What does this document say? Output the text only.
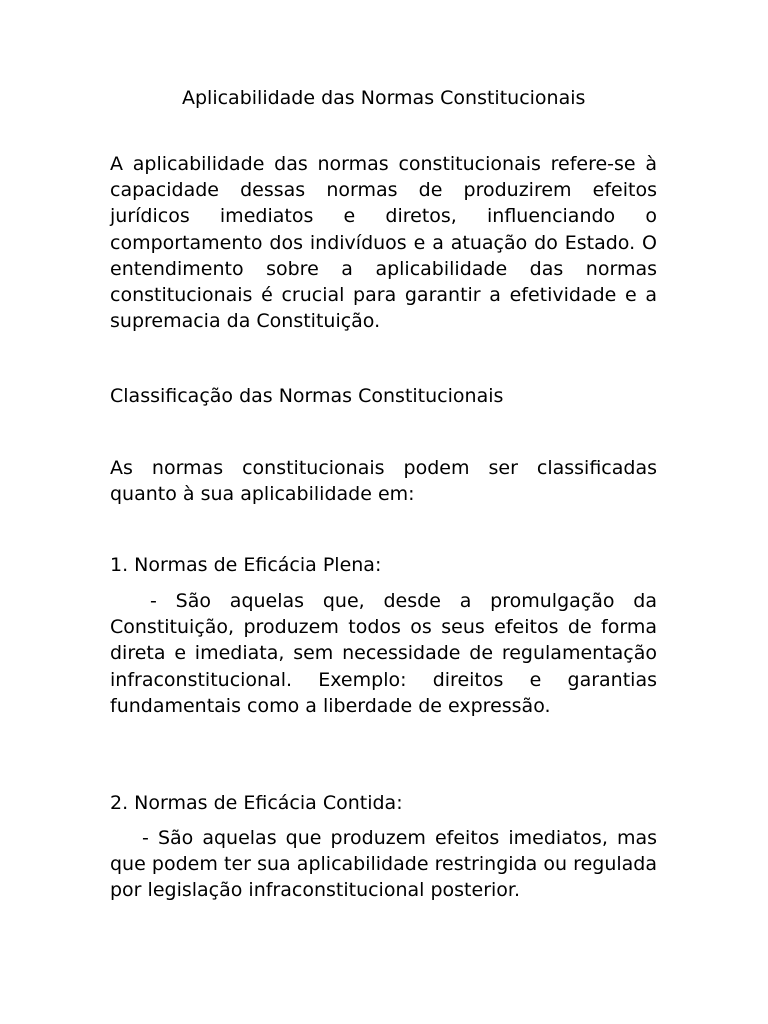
Aplicabilidade das Normas Constitucionais

A aplicabilidade das normas constitucionais refere-se à capacidade dessas normas de produzirem efeitos jurídicos imediatos e diretos, influenciando o comportamento dos indivíduos e a atuação do Estado. O entendimento sobre a aplicabilidade das normas constitucionais é crucial para garantir a efetividade e a supremacia da Constituição.

Classificação das Normas Constitucionais

As normas constitucionais podem ser classificadas quanto à sua aplicabilidade em:

1. Normas de Eficácia Plena:

- São aquelas que, desde a promulgação da Constituição, produzem todos os seus efeitos de forma direta e imediata, sem necessidade de regulamentação infraconstitucional. Exemplo: direitos e garantias fundamentais como a liberdade de expressão.

2. Normas de Eficácia Contida:

- São aquelas que produzem efeitos imediatos, mas que podem ter sua aplicabilidade restringida ou regulada por legislação infraconstitucional posterior.
